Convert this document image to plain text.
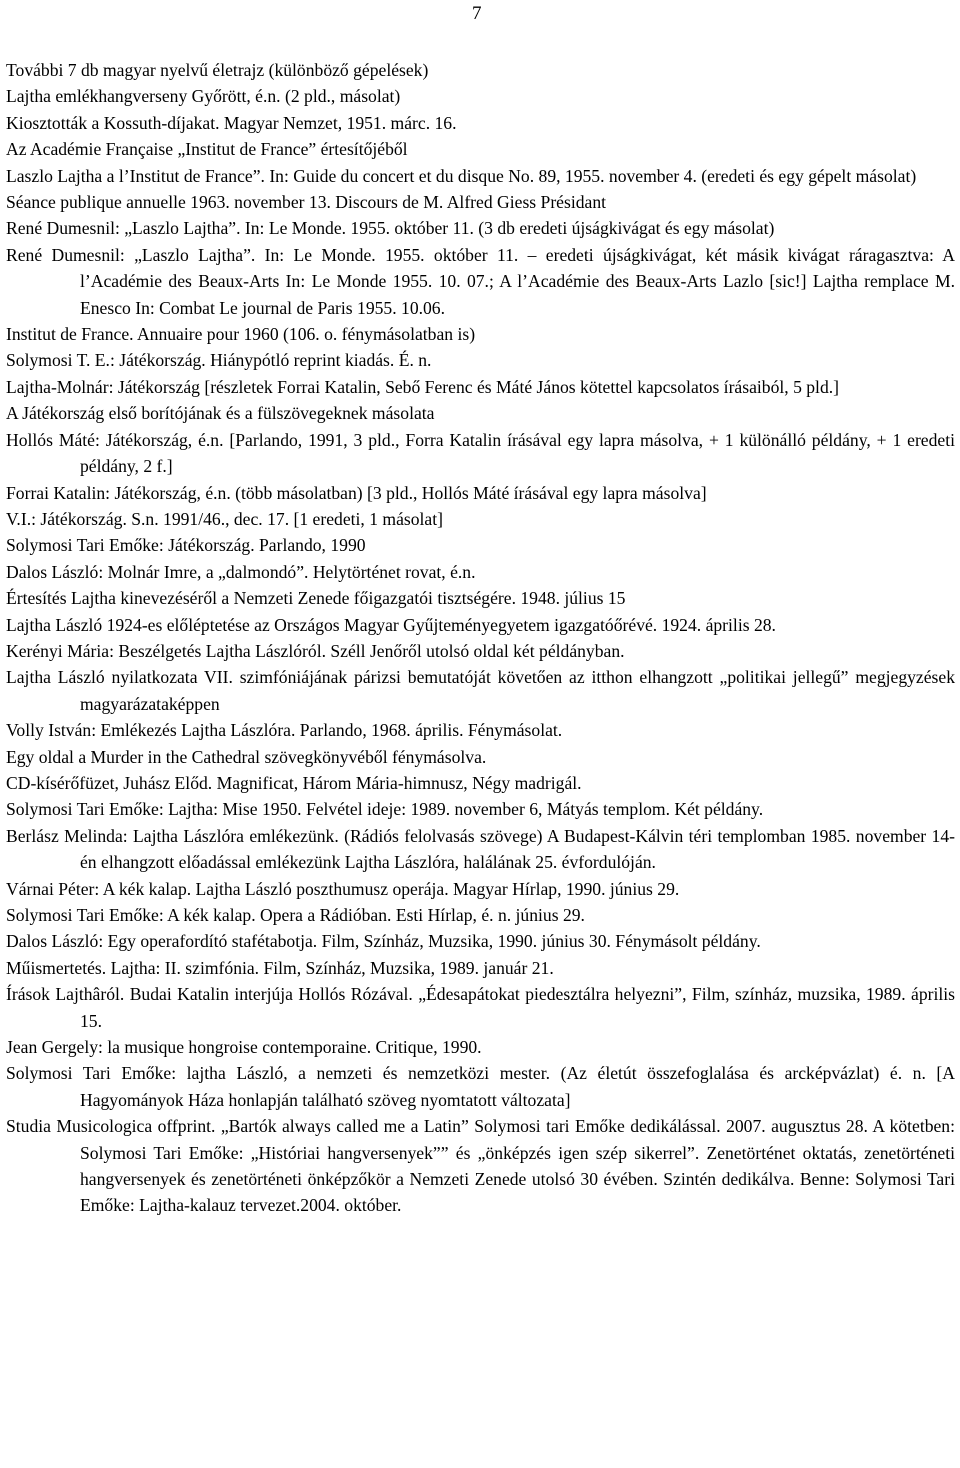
7

További 7 db magyar nyelvű életrajz (különböző gépelések)

Lajtha emlékhangverseny Győrött, é.n. (2 pld., másolat)

Kiosztották a Kossuth-díjakat. Magyar Nemzet, 1951. márc. 16.

Az Académie Française „Institut de France” értesítőjéből

Laszlo Lajtha a l’Institut de France”. In: Guide du concert et du disque No. 89, 1955. november 4. (eredeti és egy gépelt másolat)

Séance publique annuelle 1963. november 13. Discours de M. Alfred Giess Présidant

René Dumesnil: „Laszlo Lajtha”. In: Le Monde. 1955. október 11. (3 db eredeti újságkivágat és egy másolat)

René Dumesnil: „Laszlo Lajtha”. In: Le Monde. 1955. október 11. – eredeti újságkivágat, két másik kivágat ráragasztva: A l’Académie des Beaux-Arts In: Le Monde 1955. 10. 07.; A l’Académie des Beaux-Arts Lazlo [sic!] Lajtha remplace M. Enesco In: Combat Le journal de Paris 1955. 10.06.

Institut de France. Annuaire pour 1960 (106. o. fénymásolatban is)

Solymosi T. E.: Játékország. Hiánypótló reprint kiadás. É. n.

Lajtha-Molnár: Játékország [részletek Forrai Katalin, Sebő Ferenc és Máté János kötettel kapcsolatos írásaiból, 5 pld.]

A Játékország első borítójának és a fülszövegeknek másolata

Hollós Máté: Játékország, é.n. [Parlando, 1991, 3 pld., Forra Katalin írásával egy lapra másolva, + 1 különálló példány, + 1 eredeti példány, 2 f.]

Forrai Katalin: Játékország, é.n. (több másolatban) [3 pld., Hollós Máté írásával egy lapra másolva]

V.I.: Játékország. S.n. 1991/46., dec. 17. [1 eredeti, 1 másolat]

Solymosi Tari Emőke: Játékország. Parlando, 1990

Dalos László: Molnár Imre, a „dalmondó”. Helytörténet rovat, é.n.

Értesítés Lajtha kinevezéséről a Nemzeti Zenede főigazgatói tisztségére. 1948. július 15

Lajtha László 1924-es előléptetése az Országos Magyar Gyűjteményegyetem igazgatóőrévé. 1924. április 28.

Kerényi Mária: Beszélgetés Lajtha Lászlóról. Széll Jenőről utolsó oldal két példányban.

Lajtha László nyilatkozata VII. szimfóniájának párizsi bemutatóját követően az itthon elhangzott „politikai jellegű” megjegyzések magyarázataképpen

Volly István: Emlékezés Lajtha Lászlóra. Parlando, 1968. április. Fénymásolat.

Egy oldal a Murder in the Cathedral szövegkönyvéből fénymásolva.

CD-kísérőfüzet, Juhász Előd. Magnificat, Három Mária-himnusz, Négy madrigál.

Solymosi Tari Emőke: Lajtha: Mise 1950. Felvétel ideje: 1989. november 6, Mátyás templom. Két példány.

Berlász Melinda: Lajtha Lászlóra emlékezünk. (Rádiós felolvasás szövege) A Budapest-Kálvin téri templomban 1985. november 14-én elhangzott előadással emlékezünk Lajtha Lászlóra, halálának 25. évfordulóján.

Várnai Péter: A kék kalap. Lajtha László poszthumusz operája. Magyar Hírlap, 1990. június 29.

Solymosi Tari Emőke: A kék kalap. Opera a Rádióban. Esti Hírlap, é. n. június 29.

Dalos László: Egy operafordító stafétabotja. Film, Színház, Muzsika, 1990. június 30. Fénymásolt példány.

Műismertetés. Lajtha: II. szimfónia. Film, Színház, Muzsika, 1989. január 21.

Írások Lajthâról. Budai Katalin interjúja Hollós Rózával. „Édesapátokat piedesztálra helyezni”, Film, színház, muzsika, 1989. április 15.

Jean Gergely: la musique hongroise contemporaine. Critique, 1990.

Solymosi Tari Emőke: lajtha László, a nemzeti és nemzetközi mester. (Az életút összefoglalása és arcképvázlat) é. n. [A Hagyományok Háza honlapján található szöveg nyomtatott változata]

Studia Musicologica offprint. „Bartók always called me a Latin” Solymosi tari Emőke dedikálással. 2007. augusztus 28. A kötetben: Solymosi Tari Emőke: „Históriai hangversenyek”” és „önképzés igen szép sikerrel”. Zenetörténet oktatás, zenetörténeti hangversenyek és zenetörténeti önképzőkör a Nemzeti Zenede utolsó 30 évében. Szintén dedikálva. Benne: Solymosi Tari Emőke: Lajtha-kalauz tervezet.2004. október.
